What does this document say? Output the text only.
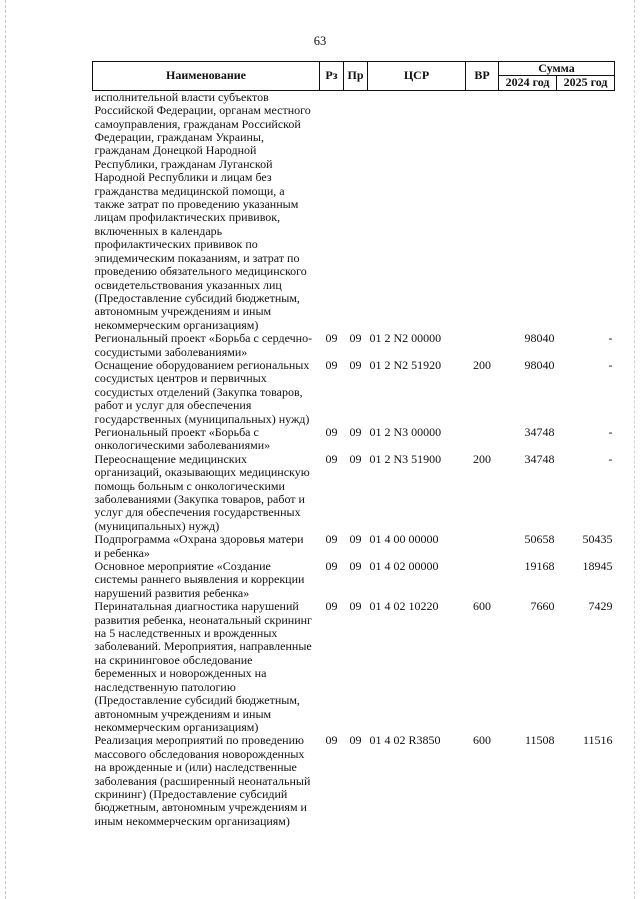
63
Наименование	Рз	Пр	ЦСР	ВР	Сумма	
					2024 год	2025 год

исполнительной власти субъектов Российской Федерации, органам местного самоуправления, гражданам Российской Федерации, гражданам Украины, гражданам Донецкой Народной Республики, гражданам Луганской Народной Республики и лицам без гражданства медицинской помощи, а также затрат по проведению указанным лицам профилактических прививок, включенных в календарь профилактических прививок по эпидемическим показаниям, и затрат по проведению обязательного медицинского освидетельствования указанных лиц (Предоставление субсидий бюджетным, автономным учреждениям и иным некоммерческим организациям)						

Региональный проект «Борьба с сердечно-сосудистыми заболеваниями»	09	09	01 2 N2 00000		98040	-

Оснащение оборудованием региональных сосудистых центров и первичных сосудистых отделений (Закупка товаров, работ и услуг для обеспечения государственных (муниципальных) нужд)	09	09	01 2 N2 51920	200	98040	-

Региональный проект «Борьба с онкологическими заболеваниями»	09	09	01 2 N3 00000		34748	-

Переоснащение медицинских организаций, оказывающих медицинскую помощь больным с онкологическими заболеваниями (Закупка товаров, работ и услуг для обеспечения государственных (муниципальных) нужд)	09	09	01 2 N3 51900	200	34748	-

Подпрограмма «Охрана здоровья матери и ребенка»	09	09	01 4 00 00000		50658	50435

Основное мероприятие «Создание системы раннего выявления и коррекции нарушений развития ребенка»	09	09	01 4 02 00000		19168	18945

Перинатальная диагностика нарушений развития ребенка, неонатальный скрининг на 5 наследственных и врожденных заболеваний. Мероприятия, направленные на скрининговое обследование беременных и новорожденных на наследственную патологию (Предоставление субсидий бюджетным, автономным учреждениям и иным некоммерческим организациям)	09	09	01 4 02 10220	600	7660	7429

Реализация мероприятий по проведению массового обследования новорожденных на врожденные и (или) наследственные заболевания (расширенный неонатальный скрининг) (Предоставление субсидий бюджетным, автономным учреждениям и иным некоммерческим организациям)	09	09	01 4 02 R3850	600	11508	11516
